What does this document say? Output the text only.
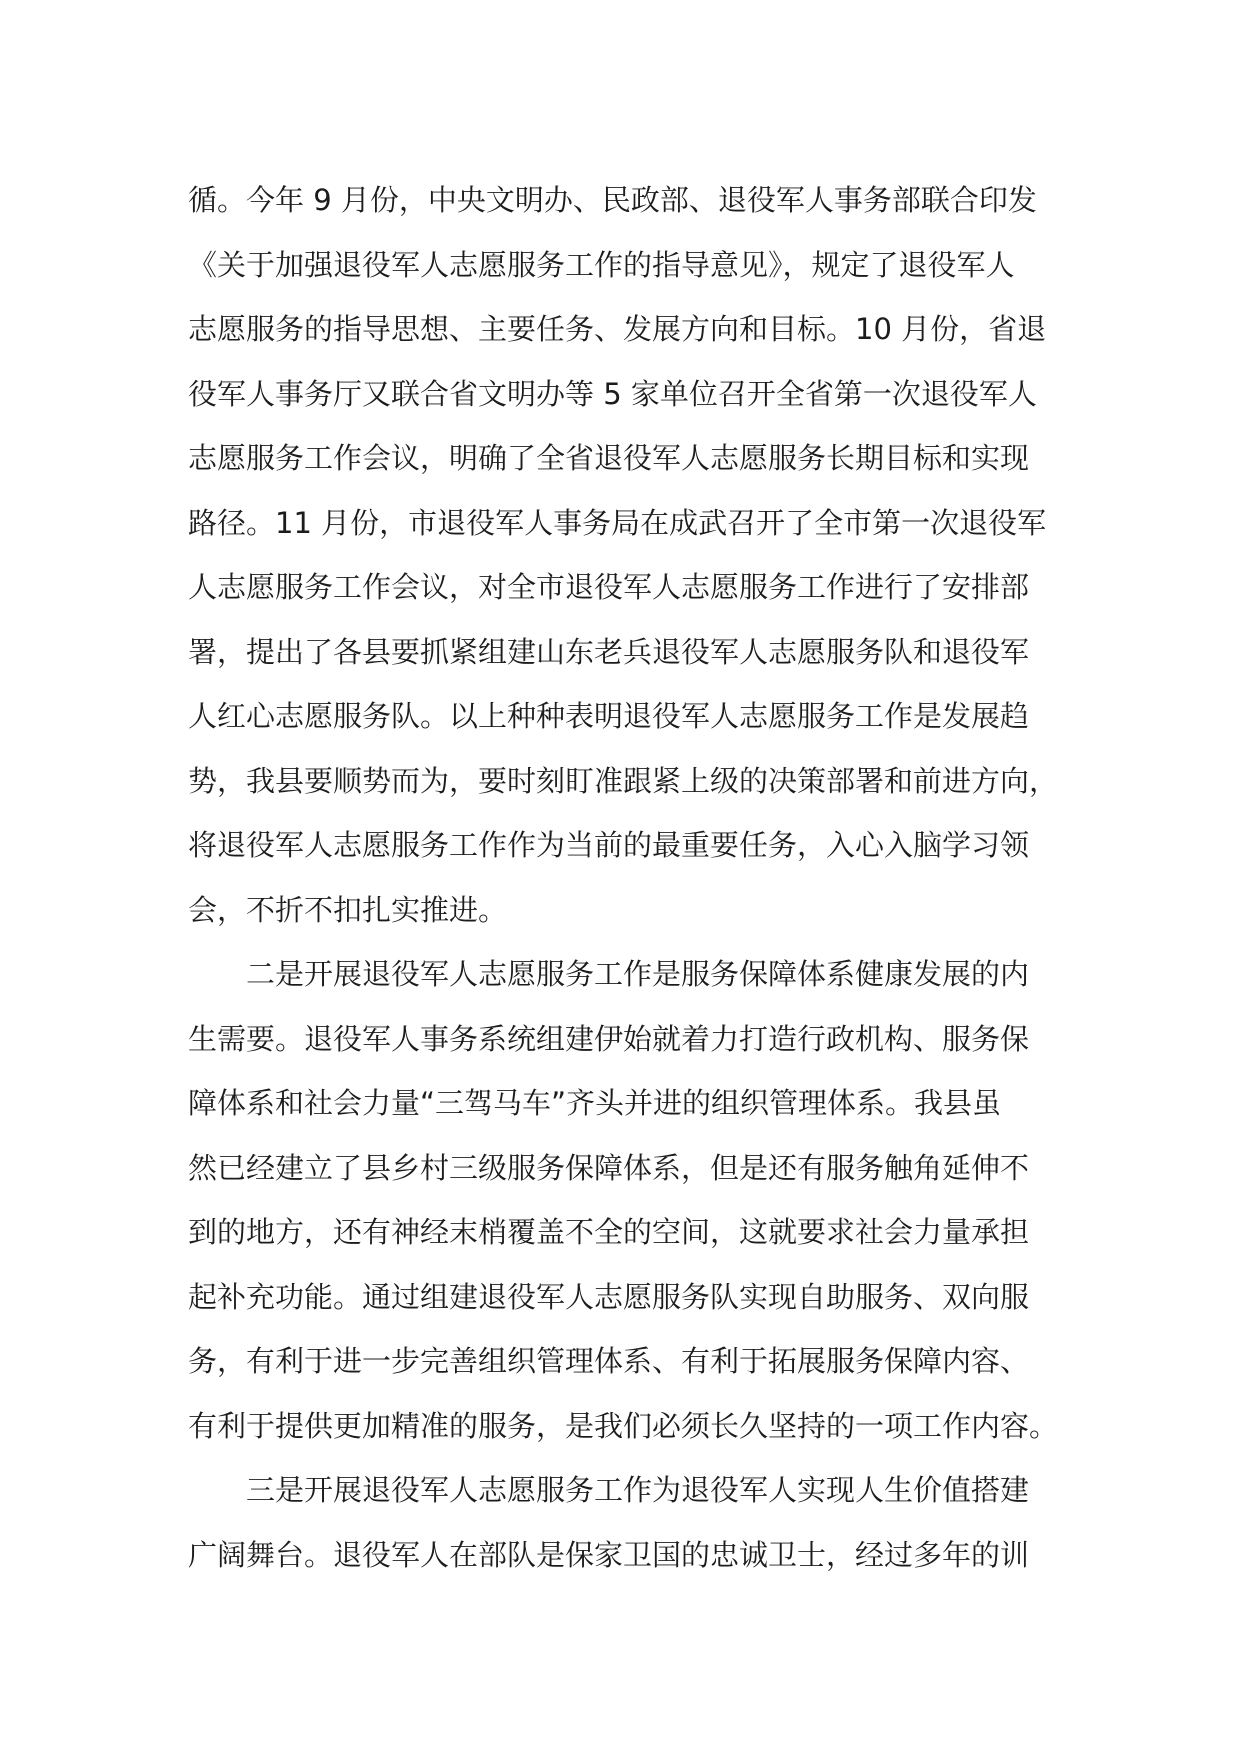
循。今年 9 月份，中央文明办、民政部、退役军人事务部联合印发
《关于加强退役军人志愿服务工作的指导意见》，规定了退役军人
志愿服务的指导思想、主要任务、发展方向和目标。10 月份，省退
役军人事务厅又联合省文明办等 5 家单位召开全省第一次退役军人
志愿服务工作会议，明确了全省退役军人志愿服务长期目标和实现
路径。11 月份，市退役军人事务局在成武召开了全市第一次退役军
人志愿服务工作会议，对全市退役军人志愿服务工作进行了安排部
署，提出了各县要抓紧组建山东老兵退役军人志愿服务队和退役军
人红心志愿服务队。以上种种表明退役军人志愿服务工作是发展趋
势，我县要顺势而为，要时刻盯准跟紧上级的决策部署和前进方向，
将退役军人志愿服务工作作为当前的最重要任务，入心入脑学习领
会，不折不扣扎实推进。

二是开展退役军人志愿服务工作是服务保障体系健康发展的内
生需要。退役军人事务系统组建伊始就着力打造行政机构、服务保
障体系和社会力量“三驾马车”齐头并进的组织管理体系。我县虽
然已经建立了县乡村三级服务保障体系，但是还有服务触角延伸不
到的地方，还有神经末梢覆盖不全的空间，这就要求社会力量承担
起补充功能。通过组建退役军人志愿服务队实现自助服务、双向服
务，有利于进一步完善组织管理体系、有利于拓展服务保障内容、
有利于提供更加精准的服务，是我们必须长久坚持的一项工作内容。

三是开展退役军人志愿服务工作为退役军人实现人生价值搭建
广阔舞台。退役军人在部队是保家卫国的忠诚卫士，经过多年的训
